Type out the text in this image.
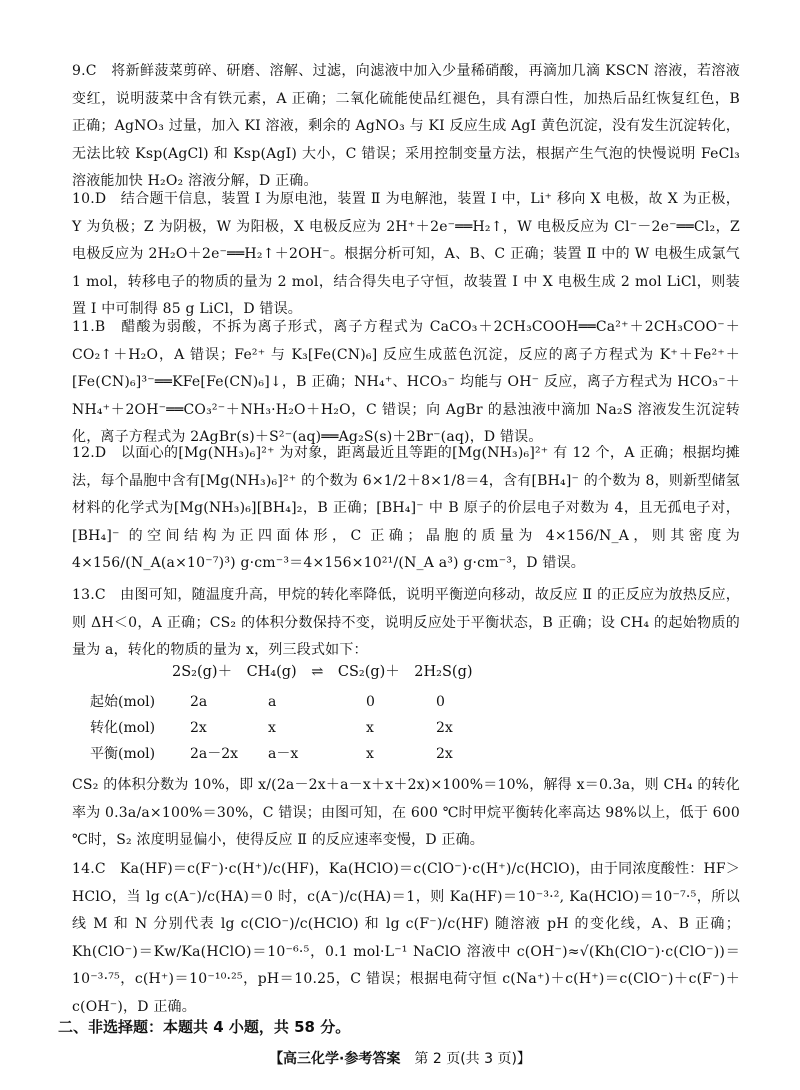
9.C　将新鲜菠菜剪碎、研磨、溶解、过滤，向滤液中加入少量稀硝酸，再滴加几滴 KSCN 溶液，若溶液变红，说明菠菜中含有铁元素，A 正确；二氧化硫能使品红褪色，具有漂白性，加热后品红恢复红色，B 正确；AgNO₃ 过量，加入 KI 溶液，剩余的 AgNO₃ 与 KI 反应生成 AgI 黄色沉淀，没有发生沉淀转化，无法比较 Ksp(AgCl) 和 Ksp(AgI) 大小，C 错误；采用控制变量方法，根据产生气泡的快慢说明 FeCl₃ 溶液能加快 H₂O₂ 溶液分解，D 正确。
10.D　结合题干信息，装置 Ⅰ 为原电池，装置 Ⅱ 为电解池，装置 Ⅰ 中，Li⁺ 移向 X 电极，故 X 为正极，Y 为负极；Z 为阴极，W 为阳极，X 电极反应为 2H⁺＋2e⁻══H₂↑，W 电极反应为 Cl⁻－2e⁻══Cl₂，Z 电极反应为 2H₂O＋2e⁻══H₂↑＋2OH⁻。根据分析可知，A、B、C 正确；装置 Ⅱ 中的 W 电极生成氯气 1 mol，转移电子的物质的量为 2 mol，结合得失电子守恒，故装置 Ⅰ 中 X 电极生成 2 mol LiCl，则装置 Ⅰ 中可制得 85 g LiCl，D 错误。
11.B　醋酸为弱酸，不拆为离子形式，离子方程式为 CaCO₃＋2CH₃COOH══Ca²⁺＋2CH₃COO⁻＋CO₂↑＋H₂O，A 错误；Fe²⁺ 与 K₃[Fe(CN)₆] 反应生成蓝色沉淀，反应的离子方程式为 K⁺＋Fe²⁺＋[Fe(CN)₆]³⁻══KFe[Fe(CN)₆]↓，B 正确；NH₄⁺、HCO₃⁻ 均能与 OH⁻ 反应，离子方程式为 HCO₃⁻＋NH₄⁺＋2OH⁻══CO₃²⁻＋NH₃·H₂O＋H₂O，C 错误；向 AgBr 的悬浊液中滴加 Na₂S 溶液发生沉淀转化，离子方程式为 2AgBr(s)＋S²⁻(aq)══Ag₂S(s)＋2Br⁻(aq)，D 错误。
12.D　以面心的[Mg(NH₃)₆]²⁺ 为对象，距离最近且等距的[Mg(NH₃)₆]²⁺ 有 12 个，A 正确；根据均摊法，每个晶胞中含有[Mg(NH₃)₆]²⁺ 的个数为 6×1/2＋8×1/8＝4，含有[BH₄]⁻ 的个数为 8，则新型储氢材料的化学式为[Mg(NH₃)₆][BH₄]₂，B 正确；[BH₄]⁻ 中 B 原子的价层电子对数为 4，且无孤电子对，[BH₄]⁻ 的空间结构为正四面体形，C 正确；晶胞的质量为 4×156/N_A，则其密度为 4×156/(N_A(a×10⁻⁷)³) g·cm⁻³＝4×156×10²¹/(N_A a³) g·cm⁻³，D 错误。
13.C　由图可知，随温度升高，甲烷的转化率降低，说明平衡逆向移动，故反应 Ⅱ 的正反应为放热反应，则 ΔH＜0，A 正确；CS₂ 的体积分数保持不变，说明反应处于平衡状态，B 正确；设 CH₄ 的起始物质的量为 a，转化的物质的量为 x，列三段式如下：
2S₂(g)＋　CH₄(g)　⇌　CS₂(g)＋　2H₂S(g)
起始(mol) 2a	a	0	0
转化(mol) 2x	x	x	2x
平衡(mol) 2a－2x a－x	x	2x
CS₂ 的体积分数为 10%，即 x/(2a－2x＋a－x＋x＋2x)×100%＝10%，解得 x＝0.3a，则 CH₄ 的转化率为 0.3a/a×100%＝30%，C 错误；由图可知，在 600 ℃时甲烷平衡转化率高达 98%以上，低于 600 ℃时，S₂ 浓度明显偏小，使得反应 Ⅱ 的反应速率变慢，D 正确。
14.C　Ka(HF)＝c(F⁻)·c(H⁺)/c(HF)，Ka(HClO)＝c(ClO⁻)·c(H⁺)/c(HClO)，由于同浓度酸性：HF＞HClO，当 lg c(A⁻)/c(HA)＝0 时，c(A⁻)/c(HA)＝1，则 Ka(HF)＝10⁻³·², Ka(HClO)＝10⁻⁷·⁵，所以线 M 和 N 分别代表 lg c(ClO⁻)/c(HClO) 和 lg c(F⁻)/c(HF) 随溶液 pH 的变化线，A、B 正确；Kh(ClO⁻)＝Kw/Ka(HClO)＝10⁻⁶·⁵，0.1 mol·L⁻¹ NaClO 溶液中 c(OH⁻)≈√(Kh(ClO⁻)·c(ClO⁻))＝10⁻³·⁷⁵，c(H⁺)＝10⁻¹⁰·²⁵，pH＝10.25，C 错误；根据电荷守恒 c(Na⁺)＋c(H⁺)＝c(ClO⁻)＋c(F⁻)＋c(OH⁻)，D 正确。
二、非选择题：本题共 4 小题，共 58 分。
【高三化学·参考答案　 第 2 页(共 3 页)】
